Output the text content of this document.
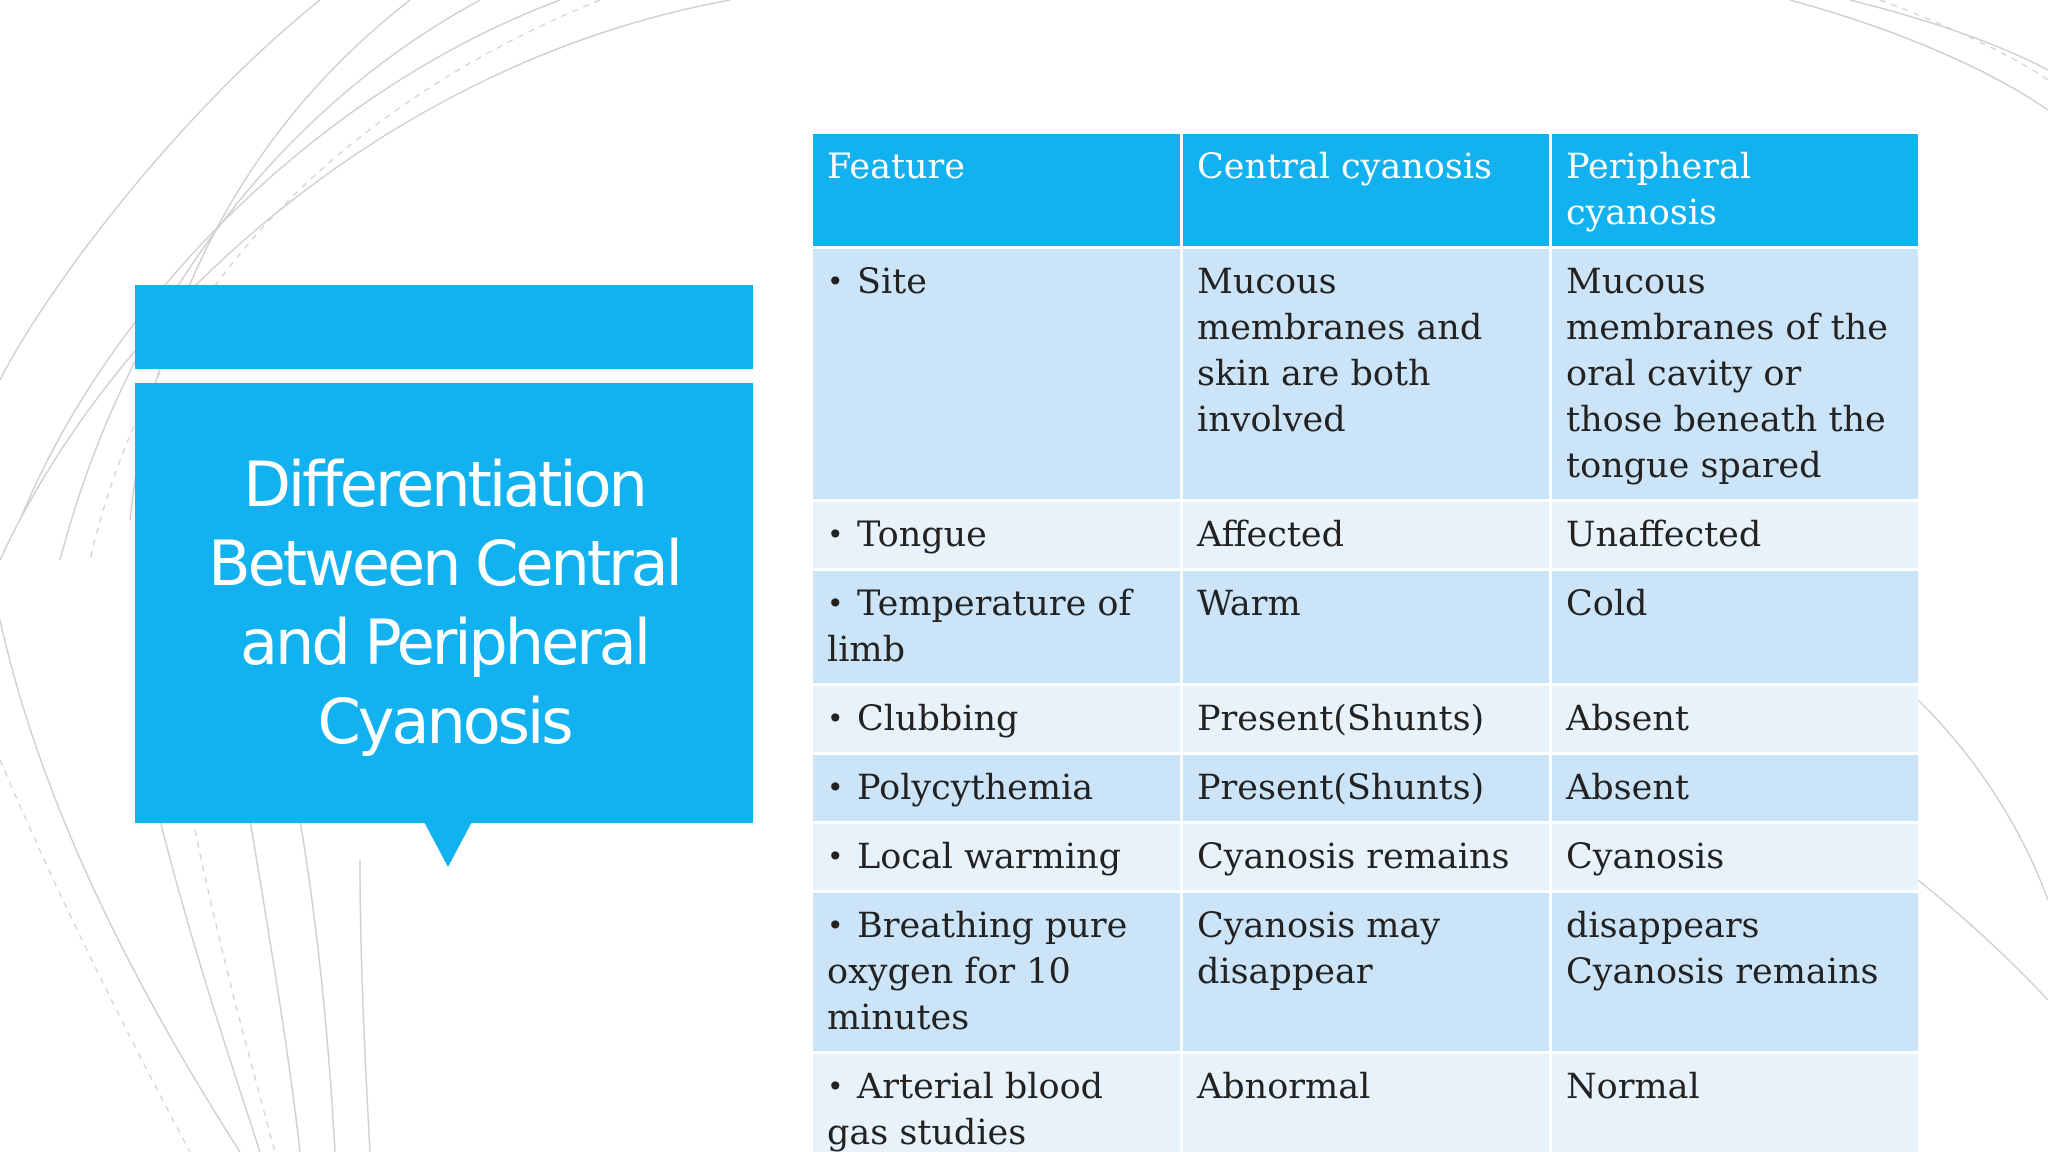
Differentiation Between Central and Peripheral Cyanosis
Feature	Central cyanosis	Peripheral cyanosis
• Site	Mucous membranes and skin are both involved	Mucous membranes of the oral cavity or those beneath the tongue spared
• Tongue	Affected	Unaffected
• Temperature of limb	Warm	Cold
• Clubbing	Present(Shunts)	Absent
• Polycythemia	Present(Shunts)	Absent
• Local warming	Cyanosis remains	Cyanosis
• Breathing pure oxygen for 10 minutes	Cyanosis may disappear	disappears Cyanosis remains
• Arterial blood gas studies	Abnormal	Normal
